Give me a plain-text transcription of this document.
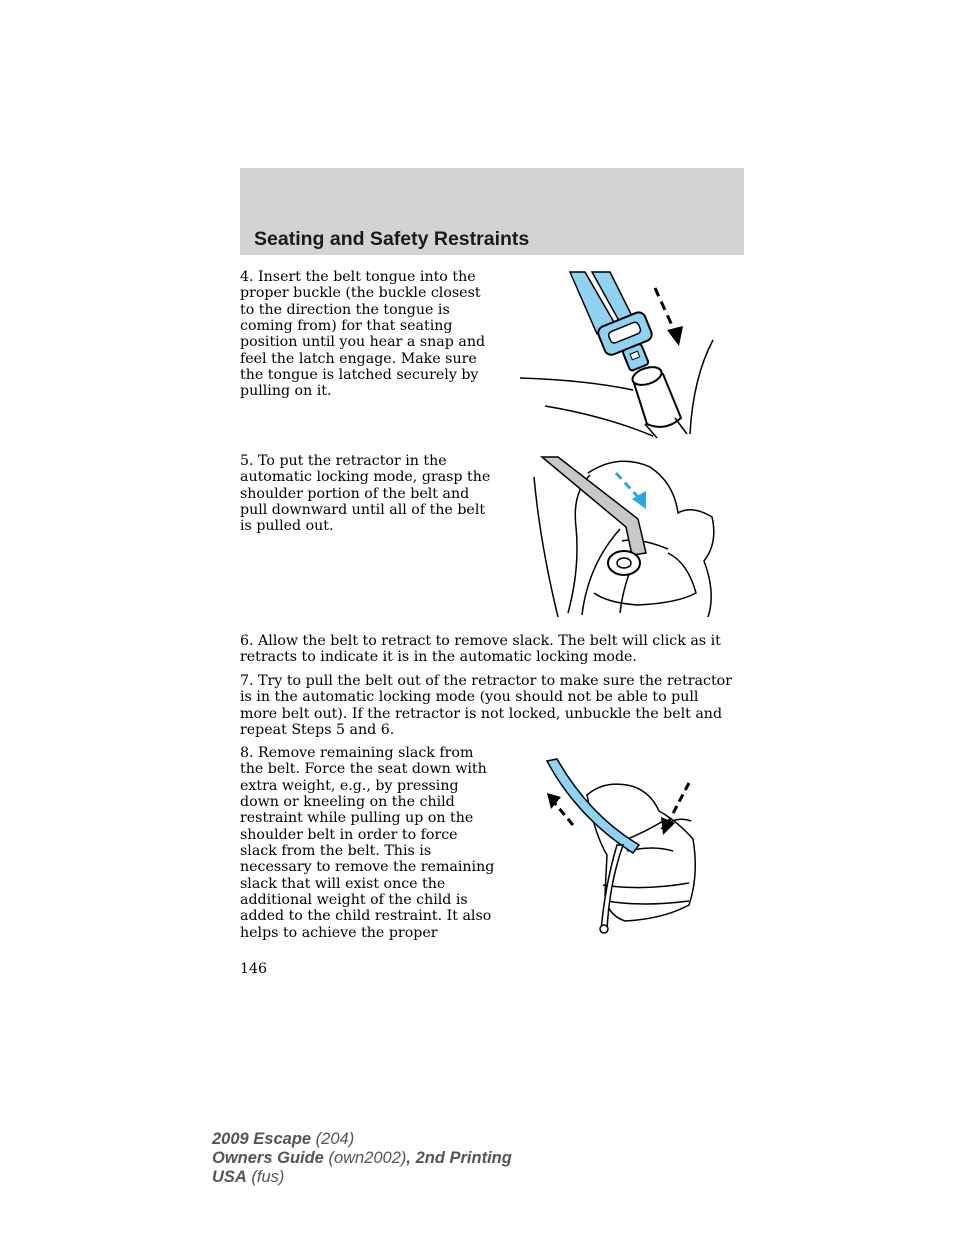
Seating and Safety Restraints

4. Insert the belt tongue into the proper buckle (the buckle closest to the direction the tongue is coming from) for that seating position until you hear a snap and feel the latch engage. Make sure the tongue is latched securely by pulling on it.

5. To put the retractor in the automatic locking mode, grasp the shoulder portion of the belt and pull downward until all of the belt is pulled out.

6. Allow the belt to retract to remove slack. The belt will click as it retracts to indicate it is in the automatic locking mode.

7. Try to pull the belt out of the retractor to make sure the retractor is in the automatic locking mode (you should not be able to pull more belt out). If the retractor is not locked, unbuckle the belt and repeat Steps 5 and 6.

8. Remove remaining slack from the belt. Force the seat down with extra weight, e.g., by pressing down or kneeling on the child restraint while pulling up on the shoulder belt in order to force slack from the belt. This is necessary to remove the remaining slack that will exist once the additional weight of the child is added to the child restraint. It also helps to achieve the proper

146
2009 Escape (204)
Owners Guide (own2002), 2nd Printing
USA (fus)
